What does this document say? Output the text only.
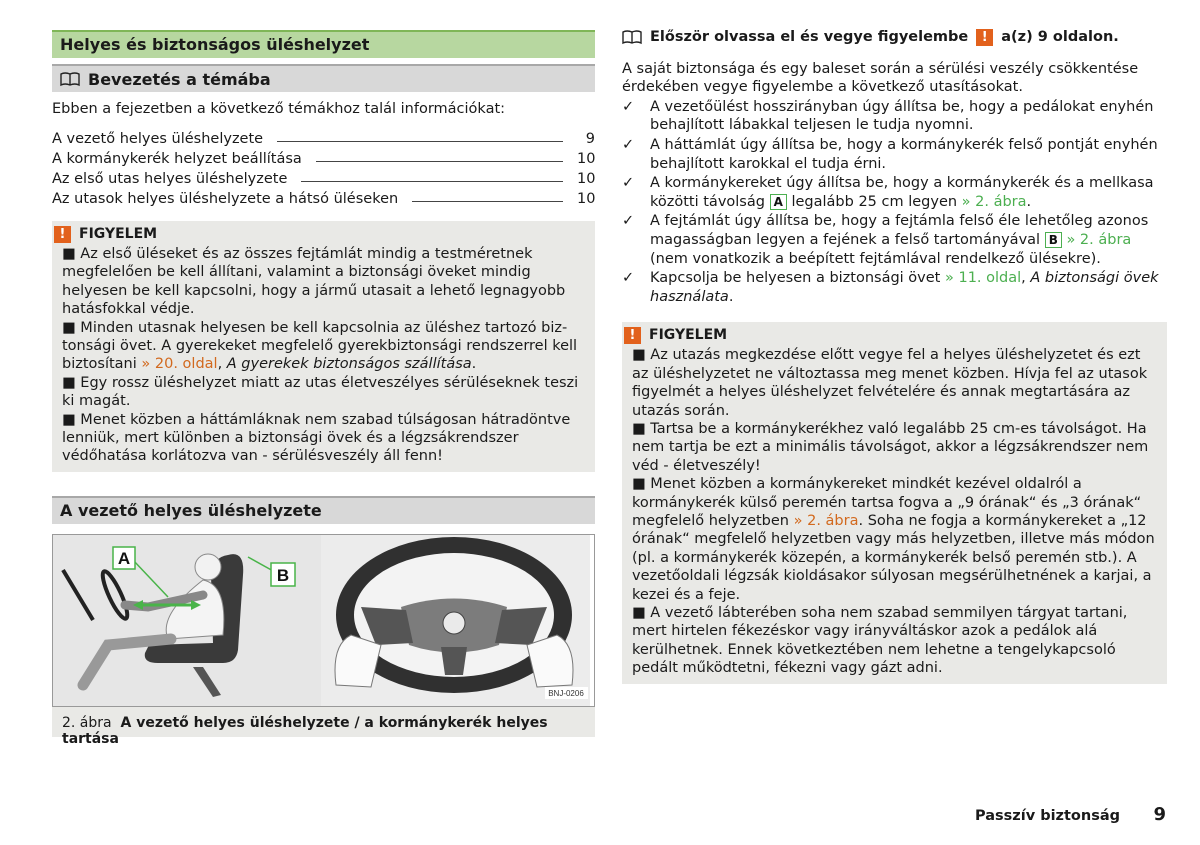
Helyes és biztonságos üléshelyzet
Bevezetés a témába
Ebben a fejezetben a következő témákhoz talál információkat:
A vezető helyes üléshelyzete	9
A kormánykerék helyzet beállítása	10
Az első utas helyes üléshelyzete	10
Az utasok helyes üléshelyzete a hátsó üléseken	10
! FIGYELEM
■ Az első üléseket és az összes fejtámlát mindig a testméretnek megfelelően be kell állítani, valamint a biztonsági öveket mindig helyesen be kell kapcsolni, hogy a jármű utasait a lehető legnagyobb hatásfokkal védje.
■ Minden utasnak helyesen be kell kapcsolnia az üléshez tartozó biztonsági övet. A gyerekeket megfelelő gyerekbiztonsági rendszerrel kell biztosítani » 20. oldal, A gyerekek biztonságos szállítása.
■ Egy rossz üléshelyzet miatt az utas életveszélyes sérüléseknek teszi ki magát.
■ Menet közben a háttámláknak nem szabad túlságosan hátradöntve lenniük, mert különben a biztonsági övek és a légzsákrendszer védőhatása korlátozva van - sérülésveszély áll fenn!
A vezető helyes üléshelyzete
A
B
BNJ-0206
2. ábra A vezető helyes üléshelyzete / a kormánykerék helyes tartása
Először olvassa el és vegye figyelembe	! a(z) 9 oldalon.
A saját biztonsága és egy baleset során a sérülési veszély csökkentése érdekében vegye figyelembe a következő utasításokat.
✓	A vezetőülést hosszirányban úgy állítsa be, hogy a pedálokat enyhén behajlított lábakkal teljesen le tudja nyomni.
✓	A háttámlát úgy állítsa be, hogy a kormánykerék felső pontját enyhén behajlított karokkal el tudja érni.
✓	A kormánykereket úgy állítsa be, hogy a kormánykerék és a mellkasa közötti távolság A legalább 25 cm legyen » 2. ábra.
✓	A fejtámlát úgy állítsa be, hogy a fejtámla felső éle lehetőleg azonos magasságban legyen a fejének a felső tartományával B » 2. ábra (nem vonatkozik a beépített fejtámlával rendelkező ülésekre).
✓	Kapcsolja be helyesen a biztonsági övet » 11. oldal, A biztonsági övek használata.
! FIGYELEM
■ Az utazás megkezdése előtt vegye fel a helyes üléshelyzetet és ezt az üléshelyzetet ne változtassa meg menet közben. Hívja fel az utasok figyelmét a helyes üléshelyzet felvételére és annak megtartására az utazás során.
■ Tartsa be a kormánykerékhez való legalább 25 cm-es távolságot. Ha nem tartja be ezt a minimális távolságot, akkor a légzsákrendszer nem véd - életveszély!
■ Menet közben a kormánykereket mindkét kezével oldalról a kormánykerék külső peremén tartsa fogva a „9 órának“ és „3 órának“ megfelelő helyzetben » 2. ábra. Soha ne fogja a kormánykereket a „12 órának“ megfelelő helyzetben vagy más helyzetben, illetve más módon (pl. a kormánykerék közepén, a kormánykerék belső peremén stb.). A vezetőoldali légzsák kioldásakor súlyosan megsérülhetnének a karjai, a kezei és a feje.
■ A vezető lábterében soha nem szabad semmilyen tárgyat tartani, mert hirtelen fékezéskor vagy irányváltáskor azok a pedálok alá kerülhetnek. Ennek következtében nem lehetne a tengelykapcsoló pedált működtetni, fékezni vagy gázt adni.
Passzív biztonság 9
